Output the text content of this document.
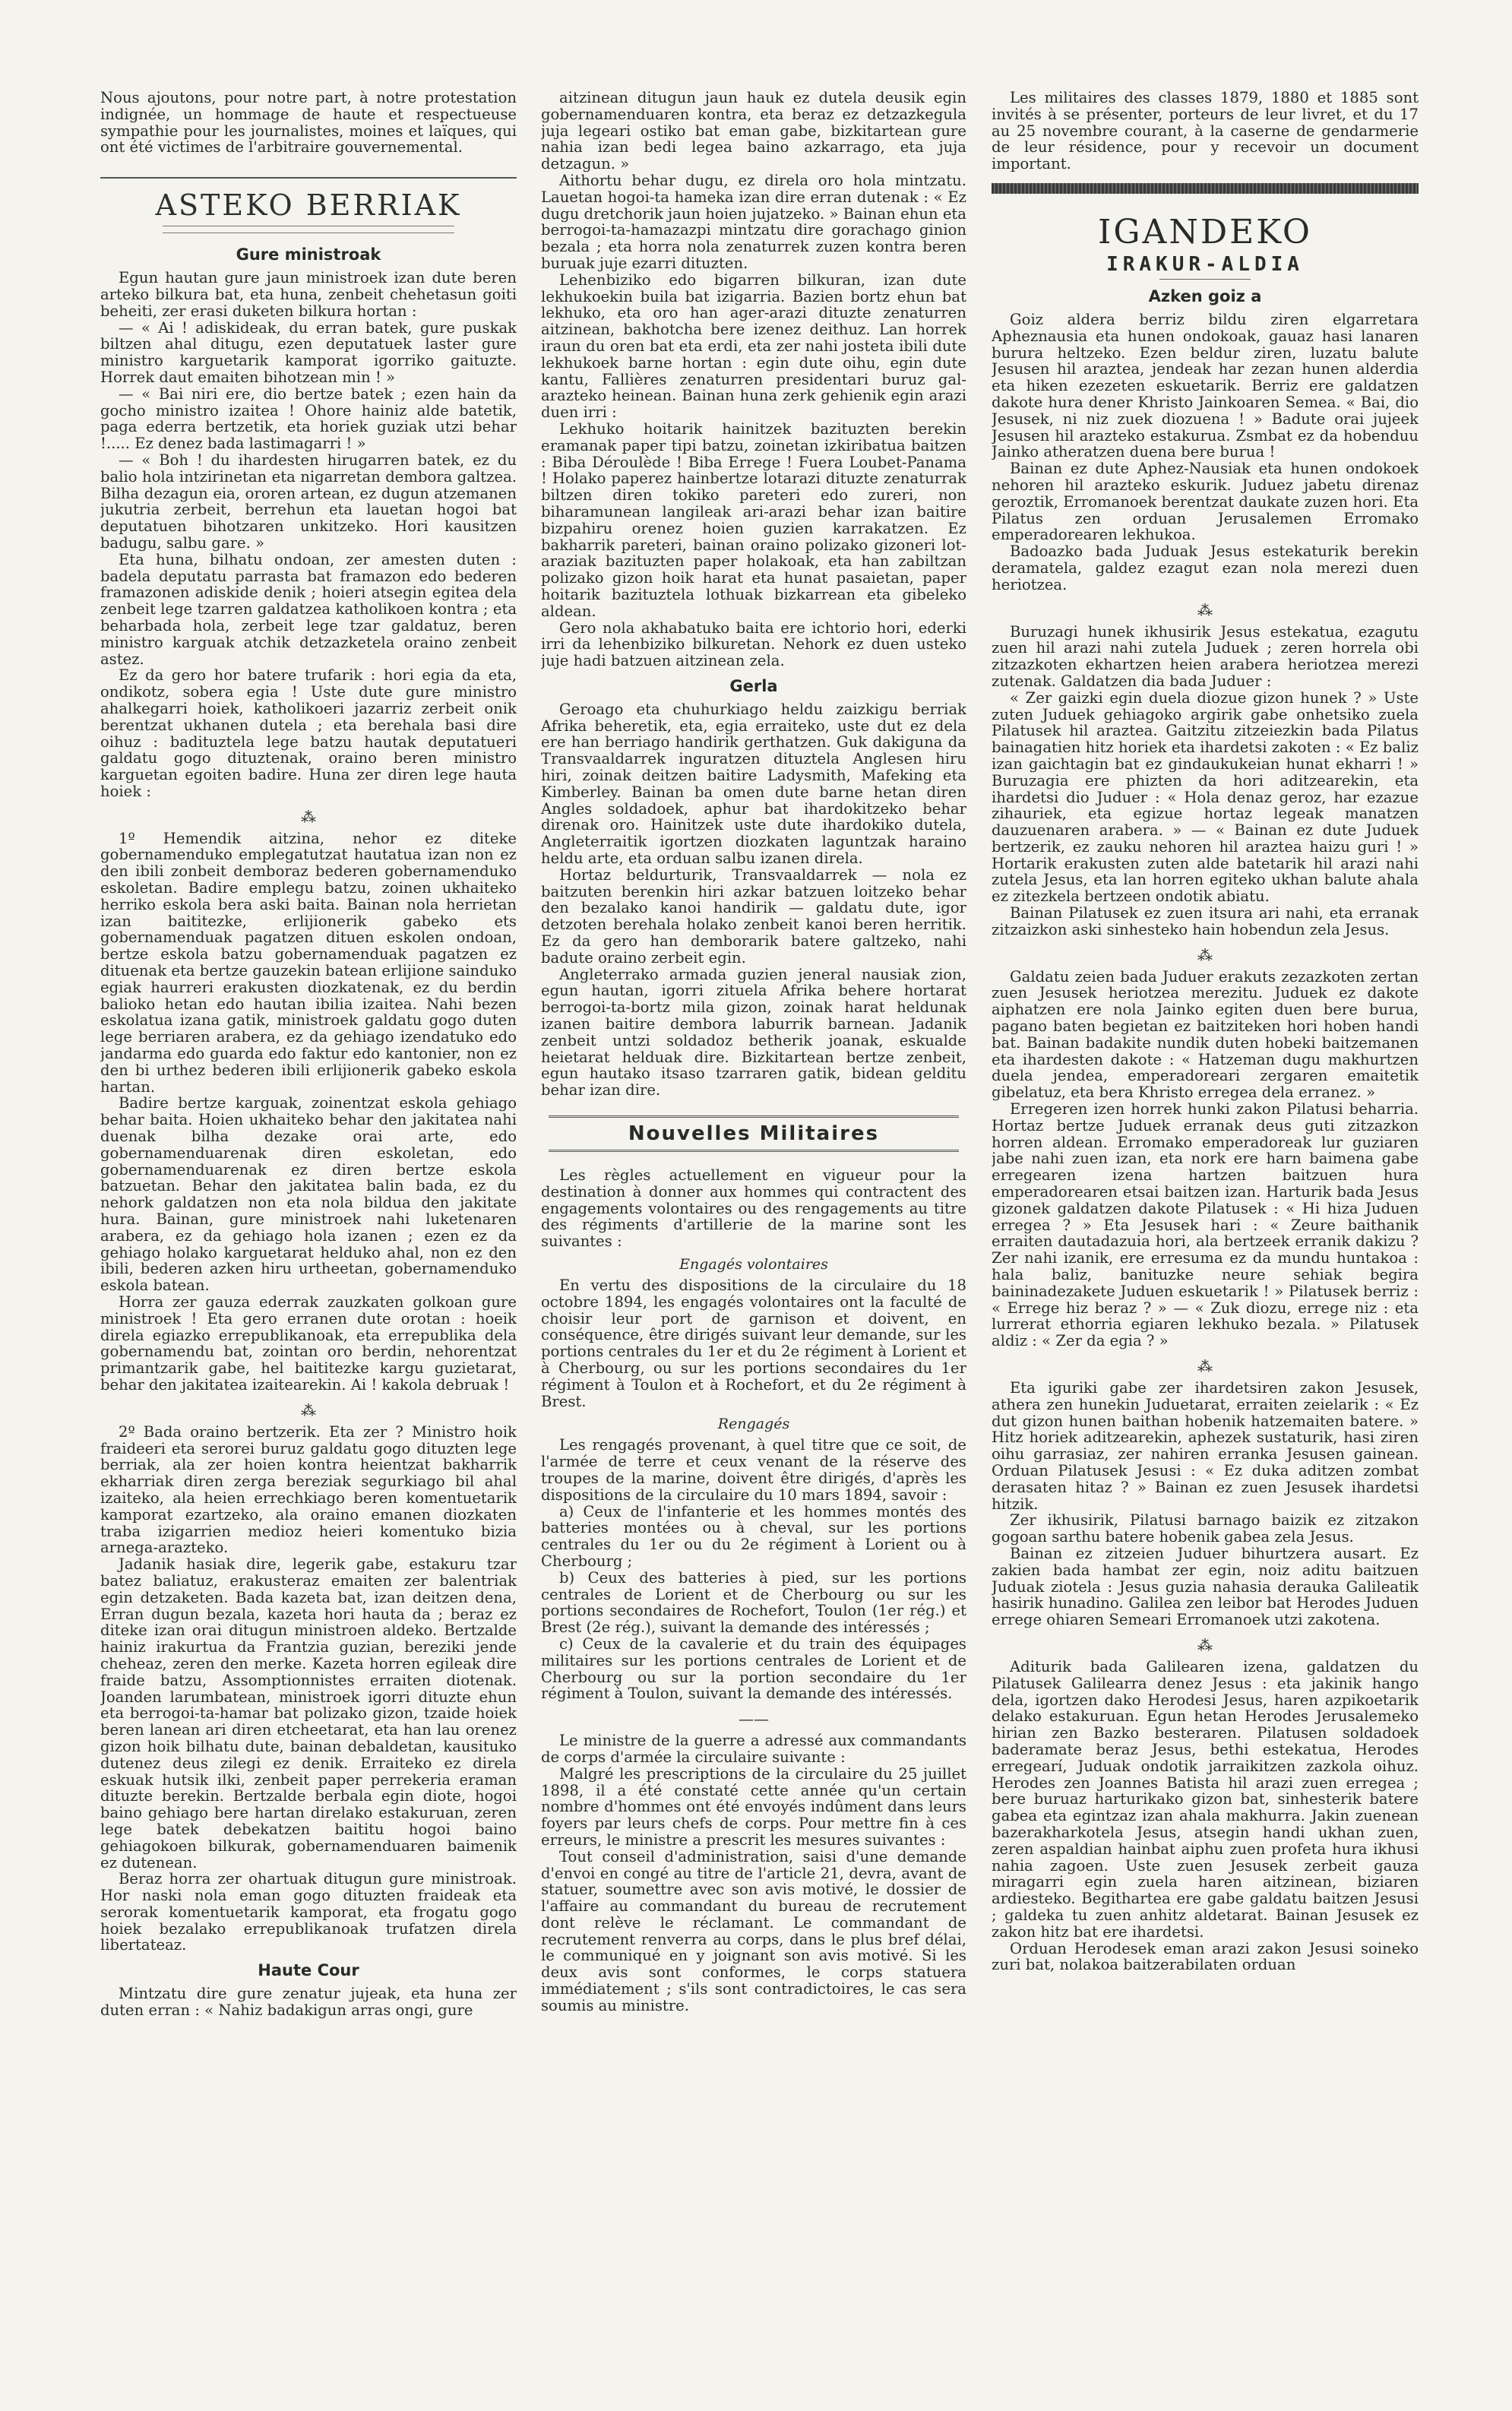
Nous ajoutons, pour notre part, à notre protestation indignée, un hommage de haute et respectueuse sympathie pour les journalistes, moines et laïques, qui ont été victimes de l'arbitraire gouvernemental.

ASTEKO BERRIAK
Gure ministroak

Egun hautan gure jaun ministroek izan dute beren arteko bilkura bat, eta huna, zenbeit chehetasun goiti beheiti, zer erasi duketen bilkura hortan :

— « Ai ! adiskideak, du erran batek, gure puskak biltzen ahal ditugu, ezen deputatuek laster gure ministro karguetarik kamporat igorriko gaituzte. Horrek daut emaiten bihotzean min ! »

— « Bai niri ere, dio bertze batek ; ezen hain da gocho ministro izaitea ! Ohore hainiz alde batetik, paga ederra bertzetik, eta horiek guziak utzi behar !..... Ez denez bada lastimagarri ! »

— « Boh ! du ihardesten hirugarren batek, ez du balio hola intzirinetan eta nigarretan dembora galtzea. Bilha dezagun eia, ororen artean, ez dugun atzemanen jukutria zerbeit, berrehun eta lauetan hogoi bat deputatuen bihotzaren unkitzeko. Hori kausitzen badugu, salbu gare. »

Eta huna, bilhatu ondoan, zer amesten duten : badela deputatu parrasta bat framazon edo bederen framazonen adiskide denik ; hoieri atsegin egitea dela zenbeit lege tzarren galdatzea katholikoen kontra ; eta beharbada hola, zerbeit lege tzar galdatuz, beren ministro karguak atchik detzazketela oraino zenbeit astez.

Ez da gero hor batere trufarik : hori egia da eta, ondikotz, sobera egia ! Uste dute gure ministro ahalkegarri hoiek, katholikoeri jazarriz zerbeit onik berentzat ukhanen dutela ; eta berehala basi dire oihuz : badituztela lege batzu hautak deputatueri galdatu gogo dituztenak, oraino beren ministro karguetan egoiten badire. Huna zer diren lege hauta hoiek :

⁂

1º Hemendik aitzina, nehor ez diteke gobernamenduko emplegatutzat hautatua izan non ez den ibili zonbeit demboraz bederen gobernamenduko eskoletan. Badire emplegu batzu, zoinen ukhaiteko herriko eskola bera aski baita. Bainan nola herrietan izan baititezke, erlijionerik gabeko ets gobernamenduak pagatzen dituen eskolen ondoan, bertze eskola batzu gobernamenduak pagatzen ez dituenak eta bertze gauzekin batean erlijione sainduko egiak haurreri erakusten diozkatenak, ez du berdin balioko hetan edo hautan ibilia izaitea. Nahi bezen eskolatua izana gatik, ministroek galdatu gogo duten lege berriaren arabera, ez da gehiago izendatuko edo jandarma edo guarda edo faktur edo kantonier, non ez den bi urthez bederen ibili erlijionerik gabeko eskola hartan.

Badire bertze karguak, zoinentzat eskola gehiago behar baita. Hoien ukhaiteko behar den jakitatea nahi duenak bilha dezake orai arte, edo gobernamenduarenak diren eskoletan, edo gobernamenduarenak ez diren bertze eskola batzuetan. Behar den jakitatea balin bada, ez du nehork galdatzen non eta nola bildua den jakitate hura. Bainan, gure ministroek nahi luketenaren arabera, ez da gehiago hola izanen ; ezen ez da gehiago holako karguetarat helduko ahal, non ez den ibili, bederen azken hiru urtheetan, gobernamenduko eskola batean.

Horra zer gauza ederrak zauzkaten golkoan gure ministroek ! Eta gero erranen dute orotan : hoeik direla egiazko errepublikanoak, eta errepublika dela gobernamendu bat, zointan oro berdin, nehorentzat primantzarik gabe, hel baititezke kargu guzietarat, behar den jakitatea izaitearekin. Ai ! kakola debruak !

⁂

2º Bada oraino bertzerik. Eta zer ? Ministro hoik fraideeri eta serorei buruz galdatu gogo dituzten lege berriak, ala zer hoien kontra heientzat bakharrik ekharriak diren zerga bereziak segurkiago bil ahal izaiteko, ala heien errechkiago beren komentuetarik kamporat ezartzeko, ala oraino emanen diozkaten traba izigarrien medioz heieri komentuko bizia arnega-arazteko.

Jadanik hasiak dire, legerik gabe, estakuru tzar batez baliatuz, erakusteraz emaiten zer balentriak egin detzaketen. Bada kazeta bat, izan deitzen dena, Erran dugun bezala, kazeta hori hauta da ; beraz ez diteke izan orai ditugun ministroen aldeko. Bertzalde hainiz irakurtua da Frantzia guzian, bereziki jende cheheaz, zeren den merke. Kazeta horren egileak dire fraide batzu, Assomptionnistes erraiten diotenak. Joanden larumbatean, ministroek igorri dituzte ehun eta berrogoi-ta-hamar bat polizako gizon, tzaide hoiek beren lanean ari diren etcheetarat, eta han lau orenez gizon hoik bilhatu dute, bainan debaldetan, kausituko dutenez deus zilegi ez denik. Erraiteko ez direla eskuak hutsik ilki, zenbeit paper perrekeria eraman dituzte berekin. Bertzalde berbala egin diote, hogoi baino gehiago bere hartan direlako estakuruan, zeren lege batek debekatzen baititu hogoi baino gehiagokoen bilkurak, gobernamenduaren baimenik ez dutenean.

Beraz horra zer ohartuak ditugun gure ministroak. Hor naski nola eman gogo dituzten fraideak eta serorak komentuetarik kamporat, eta frogatu gogo hoiek bezalako errepublikanoak trufatzen direla libertateaz.

Haute Cour

Mintzatu dire gure zenatur jujeak, eta huna zer duten erran : « Nahiz badakigun arras ongi, gure

aitzinean ditugun jaun hauk ez dutela deusik egin gobernamenduaren kontra, eta beraz ez detzazkegula juja legeari ostiko bat eman gabe, bizkitartean gure nahia izan bedi legea baino azkarrago, eta juja detzagun. »

Aithortu behar dugu, ez direla oro hola mintzatu. Lauetan hogoi-ta hameka izan dire erran dutenak : « Ez dugu dretchorik jaun hoien jujatzeko. » Bainan ehun eta berrogoi-ta-hamazazpi mintzatu dire gorachago ginion bezala ; eta horra nola zenaturrek zuzen kontra beren buruak juje ezarri dituzten.

Lehenbiziko edo bigarren bilkuran, izan dute lekhukoekin buila bat izigarria. Bazien bortz ehun bat lekhuko, eta oro han ager-arazi dituzte zenaturren aitzinean, bakhotcha bere izenez deithuz. Lan horrek iraun du oren bat eta erdi, eta zer nahi josteta ibili dute lekhukoek barne hortan : egin dute oihu, egin dute kantu, Fallières zenaturren presidentari buruz gal-arazteko heinean. Bainan huna zerk gehienik egin arazi duen irri :

Lekhuko hoitarik hainitzek bazituzten berekin eramanak paper tipi batzu, zoinetan izkiribatua baitzen : Biba Déroulède ! Biba Errege ! Fuera Loubet-Panama ! Holako paperez hainbertze lotarazi dituzte zenaturrak biltzen diren tokiko pareteri edo zureri, non biharamunean langileak ari-arazi behar izan baitire bizpahiru orenez hoien guzien karrakatzen. Ez bakharrik pareteri, bainan oraino polizako gizoneri lot-araziak bazituzten paper holakoak, eta han zabiltzan polizako gizon hoik harat eta hunat pasaietan, paper hoitarik bazituztela lothuak bizkarrean eta gibeleko aldean.

Gero nola akhabatuko baita ere ichtorio hori, ederki irri da lehenbiziko bilkuretan. Nehork ez duen usteko juje hadi batzuen aitzinean zela.

Gerla

Geroago eta chuhurkiago heldu zaizkigu berriak Afrika beheretik, eta, egia erraiteko, uste dut ez dela ere han berriago handirik gerthatzen. Guk dakiguna da Transvaaldarrek inguratzen dituztela Anglesen hiru hiri, zoinak deitzen baitire Ladysmith, Mafeking eta Kimberley. Bainan ba omen dute barne hetan diren Angles soldadoek, aphur bat ihardokitzeko behar direnak oro. Hainitzek uste dute ihardokiko dutela, Angleterraitik igortzen diozkaten laguntzak haraino heldu arte, eta orduan salbu izanen direla.

Hortaz beldurturik, Transvaaldarrek — nola ez baitzuten berenkin hiri azkar batzuen loitzeko behar den bezalako kanoi handirik — galdatu dute, igor detzoten berehala holako zenbeit kanoi beren herritik. Ez da gero han demborarik batere galtzeko, nahi badute oraino zerbeit egin.

Angleterrako armada guzien jeneral nausiak zion, egun hautan, igorri zituela Afrika behere hortarat berrogoi-ta-bortz mila gizon, zoinak harat heldunak izanen baitire dembora laburrik barnean. Jadanik zenbeit untzi soldadoz betherik joanak, eskualde heietarat helduak dire. Bizkitartean bertze zenbeit, egun hautako itsaso tzarraren gatik, bidean gelditu behar izan dire.

Nouvelles Militaires

Les règles actuellement en vigueur pour la destination à donner aux hommes qui contractent des engagements volontaires ou des rengagements au titre des régiments d'artillerie de la marine sont les suivantes :

Engagés volontaires

En vertu des dispositions de la circulaire du 18 octobre 1894, les engagés volontaires ont la faculté de choisir leur port de garnison et doivent, en conséquence, être dirigés suivant leur demande, sur les portions centrales du 1er et du 2e régiment à Lorient et à Cherbourg, ou sur les portions secondaires du 1er régiment à Toulon et à Rochefort, et du 2e régiment à Brest.

Rengagés

Les rengagés provenant, à quel titre que ce soit, de l'armée de terre et ceux venant de la réserve des troupes de la marine, doivent être dirigés, d'après les dispositions de la circulaire du 10 mars 1894, savoir :

a) Ceux de l'infanterie et les hommes montés des batteries montées ou à cheval, sur les portions centrales du 1er ou du 2e régiment à Lorient ou à Cherbourg ;

b) Ceux des batteries à pied, sur les portions centrales de Lorient et de Cherbourg ou sur les portions secondaires de Rochefort, Toulon (1er rég.) et Brest (2e rég.), suivant la demande des intéressés ;

c) Ceux de la cavalerie et du train des équipages militaires sur les portions centrales de Lorient et de Cherbourg ou sur la portion secondaire du 1er régiment à Toulon, suivant la demande des intéressés.

——

Le ministre de la guerre a adressé aux commandants de corps d'armée la circulaire suivante :

Malgré les prescriptions de la circulaire du 25 juillet 1898, il a été constaté cette année qu'un certain nombre d'hommes ont été envoyés indûment dans leurs foyers par leurs chefs de corps. Pour mettre fin à ces erreurs, le ministre a prescrit les mesures suivantes :

Tout conseil d'administration, saisi d'une demande d'envoi en congé au titre de l'article 21, devra, avant de statuer, soumettre avec son avis motivé, le dossier de l'affaire au commandant du bureau de recrutement dont relève le réclamant. Le commandant de recrutement renverra au corps, dans le plus bref délai, le communiqué en y joignant son avis motivé. Si les deux avis sont conformes, le corps statuera immédiatement ; s'ils sont contradictoires, le cas sera soumis au ministre.

Les militaires des classes 1879, 1880 et 1885 sont invités à se présenter, porteurs de leur livret, et du 17 au 25 novembre courant, à la caserne de gendarmerie de leur résidence, pour y recevoir un document important.

IGANDEKO
IRAKUR-ALDIA
Azken goiz a

Goiz aldera berriz bildu ziren elgarretara Apheznausia eta hunen ondokoak, gauaz hasi lanaren burura heltzeko. Ezen beldur ziren, luzatu balute Jesusen hil araztea, jendeak har zezan hunen alderdia eta hiken ezezeten eskuetarik. Berriz ere galdatzen dakote hura dener Khristo Jainkoaren Semea. « Bai, dio Jesusek, ni niz zuek diozuena ! » Badute orai jujeek Jesusen hil arazteko estakurua. Zsmbat ez da hobenduu Jainko atheratzen duena bere burua !

Bainan ez dute Aphez-Nausiak eta hunen ondokoek nehoren hil arazteko eskurik. Juduez jabetu direnaz geroztik, Erromanoek berentzat daukate zuzen hori. Eta Pilatus zen orduan Jerusalemen Erromako emperadorearen lekhukoa.

Badoazko bada Juduak Jesus estekaturik berekin deramatela, galdez ezagut ezan nola merezi duen heriotzea.

⁂

Buruzagi hunek ikhusirik Jesus estekatua, ezagutu zuen hil arazi nahi zutela Juduek ; zeren horrela obi zitzazkoten ekhartzen heien arabera heriotzea merezi zutenak. Galdatzen dia bada Juduer :

« Zer gaizki egin duela diozue gizon hunek ? » Uste zuten Juduek gehiagoko argirik gabe onhetsiko zuela Pilatusek hil araztea. Gaitzitu zitzeiezkin bada Pilatus bainagatien hitz horiek eta ihardetsi zakoten : « Ez baliz izan gaichtagin bat ez gindaukukeian hunat ekharri ! » Buruzagia ere phizten da hori aditzearekin, eta ihardetsi dio Juduer : « Hola denaz geroz, har ezazue zihauriek, eta egizue hortaz legeak manatzen dauzuenaren arabera. » — « Bainan ez dute Juduek bertzerik, ez zauku nehoren hil araztea haizu guri ! » Hortarik erakusten zuten alde batetarik hil arazi nahi zutela Jesus, eta lan horren egiteko ukhan balute ahala ez zitezkela bertzeen ondotik abiatu.

Bainan Pilatusek ez zuen itsura ari nahi, eta erranak zitzaizkon aski sinhesteko hain hobendun zela Jesus.

⁂

Galdatu zeien bada Juduer erakuts zezazkoten zertan zuen Jesusek heriotzea merezitu. Juduek ez dakote aiphatzen ere nola Jainko egiten duen bere burua, pagano baten begietan ez baitziteken hori hoben handi bat. Bainan badakite nundik duten hobeki baitzemanen eta ihardesten dakote : « Hatzeman dugu makhurtzen duela jendea, emperadoreari zergaren emaitetik gibelatuz, eta bera Khristo erregea dela erranez. »

Erregeren izen horrek hunki zakon Pilatusi beharria. Hortaz bertze Juduek erranak deus guti zitzazkon horren aldean. Erromako emperadoreak lur guziaren jabe nahi zuen izan, eta nork ere harn baimena gabe erregearen izena hartzen baitzuen hura emperadorearen etsai baitzen izan. Harturik bada Jesus gizonek galdatzen dakote Pilatusek : « Hi hiza Juduen erregea ? » Eta Jesusek hari : « Zeure baithanik erraiten dautadazuia hori, ala bertzeek erranik dakizu ? Zer nahi izanik, ere erresuma ez da mundu huntakoa : hala baliz, banituzke neure sehiak begira baininadezakete Juduen eskuetarik ! » Pilatusek berriz : « Errege hiz beraz ? » — « Zuk diozu, errege niz : eta lurrerat ethorria egiaren lekhuko bezala. » Pilatusek aldiz : « Zer da egia ? »

⁂

Eta iguriki gabe zer ihardetsiren zakon Jesusek, athera zen hunekin Juduetarat, erraiten zeielarik : « Ez dut gizon hunen baithan hobenik hatzemaiten batere. » Hitz horiek aditzearekin, aphezek sustaturik, hasi ziren oihu garrasiaz, zer nahiren erranka Jesusen gainean. Orduan Pilatusek Jesusi : « Ez duka aditzen zombat derasaten hitaz ? » Bainan ez zuen Jesusek ihardetsi hitzik.

Zer ikhusirik, Pilatusi barnago baizik ez zitzakon gogoan sarthu batere hobenik gabea zela Jesus.

Bainan ez zitzeien Juduer bihurtzera ausart. Ez zakien bada hambat zer egin, noiz aditu baitzuen Juduak ziotela : Jesus guzia nahasia derauka Galileatik hasirik hunadino. Galilea zen leibor bat Herodes Juduen errege ohiaren Semeari Erromanoek utzi zakotena.

⁂

Aditurik bada Galilearen izena, galdatzen du Pilatusek Galilearra denez Jesus : eta jakinik hango dela, igortzen dako Herodesi Jesus, haren azpikoetarik delako estakuruan. Egun hetan Herodes Jerusalemeko hirian zen Bazko besteraren. Pilatusen soldadoek baderamate beraz Jesus, bethi estekatua, Herodes erregearí, Juduak ondotik jarraikitzen zazkola oihuz. Herodes zen Joannes Batista hil arazi zuen erregea ; bere buruaz harturikako gizon bat, sinhesterik batere gabea eta egintzaz izan ahala makhurra. Jakin zuenean bazerakharkotela Jesus, atsegin handi ukhan zuen, zeren aspaldian hainbat aiphu zuen profeta hura ikhusi nahia zagoen. Uste zuen Jesusek zerbeit gauza miragarri egin zuela haren aitzinean, biziaren ardiesteko. Begithartea ere gabe galdatu baitzen Jesusi ; galdeka tu zuen anhitz aldetarat. Bainan Jesusek ez zakon hitz bat ere ihardetsi.

Orduan Herodesek eman arazi zakon Jesusi soineko zuri bat, nolakoa baitzerabilaten orduan
